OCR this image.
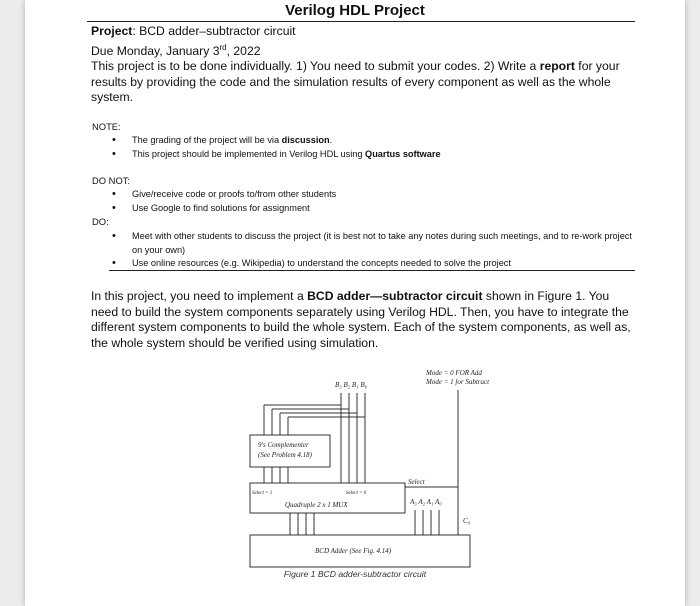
Verilog HDL Project

Project: BCD adder–subtractor circuit

Due Monday, January 3rd, 2022

This project is to be done individually. 1) You need to submit your codes. 2) Write a report for your results by providing the code and the simulation results of every component as well as the whole system.

NOTE:
• The grading of the project will be via discussion.
• This project should be implemented in Verilog HDL using Quartus software
DO NOT:
• Give/receive code or proofs to/from other students
• Use Google to find solutions for assignment
DO:
• Meet with other students to discuss the project (it is best not to take any notes during such meetings, and to re-work project on your own)
• Use online resources (e.g. Wikipedia) to understand the concepts needed to solve the project

In this project, you need to implement a BCD adder—subtractor circuit shown in Figure 1. You need to build the system components separately using Verilog HDL. Then, you have to integrate the different system components to build the whole system. Each of the system components, as well as, the whole system should be verified using simulation.

B₃ B₂ B₁ B₀
Mode = 0 FOR Add
Mode = 1 for Subtract
9's Complementer
(See Problem 4.18)
Select
Select = 1	Select = 0
Quadruple 2 x 1 MUX	A₃ A₂ A₁ A₀
C₀
BCD Adder (See Fig. 4.14)
Figure 1 BCD adder-subtractor circuit
